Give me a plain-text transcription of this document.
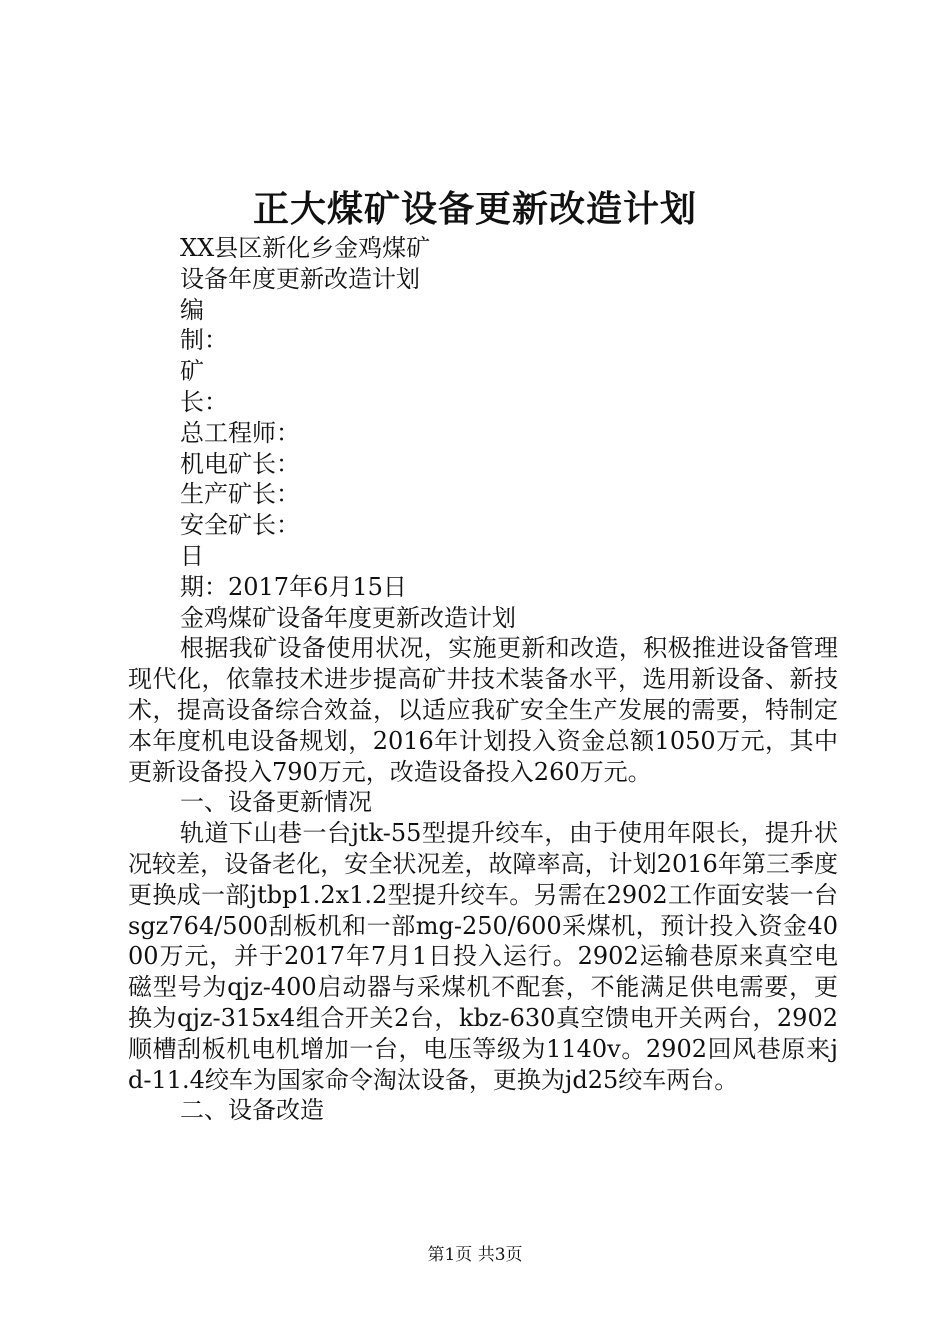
正大煤矿设备更新改造计划
XX县区新化乡金鸡煤矿
设备年度更新改造计划
编
制：
矿
长：
总工程师：
机电矿长：
生产矿长：
安全矿长：
日
期：2017年6月15日
金鸡煤矿设备年度更新改造计划
根据我矿设备使用状况，实施更新和改造，积极推进设备管理现代化，依靠技术进步提高矿井技术装备水平，选用新设备、新技术，提高设备综合效益，以适应我矿安全生产发展的需要，特制定本年度机电设备规划，2016年计划投入资金总额1050万元，其中更新设备投入790万元，改造设备投入260万元。
一、设备更新情况
轨道下山巷一台jtk-55型提升绞车，由于使用年限长，提升状况较差，设备老化，安全状况差，故障率高，计划2016年第三季度更换成一部jtbp1.2x1.2型提升绞车。另需在2902工作面安装一台sgz764/500刮板机和一部mg-250/600采煤机，预计投入资金4000万元，并于2017年7月1日投入运行。2902运输巷原来真空电磁型号为qjz-400启动器与采煤机不配套，不能满足供电需要，更换为qjz-315x4组合开关2台，kbz-630真空馈电开关两台，2902顺槽刮板机电机增加一台，电压等级为1140v。2902回风巷原来jd-11.4绞车为国家命令淘汰设备，更换为jd25绞车两台。
二、设备改造
第1页 共3页
